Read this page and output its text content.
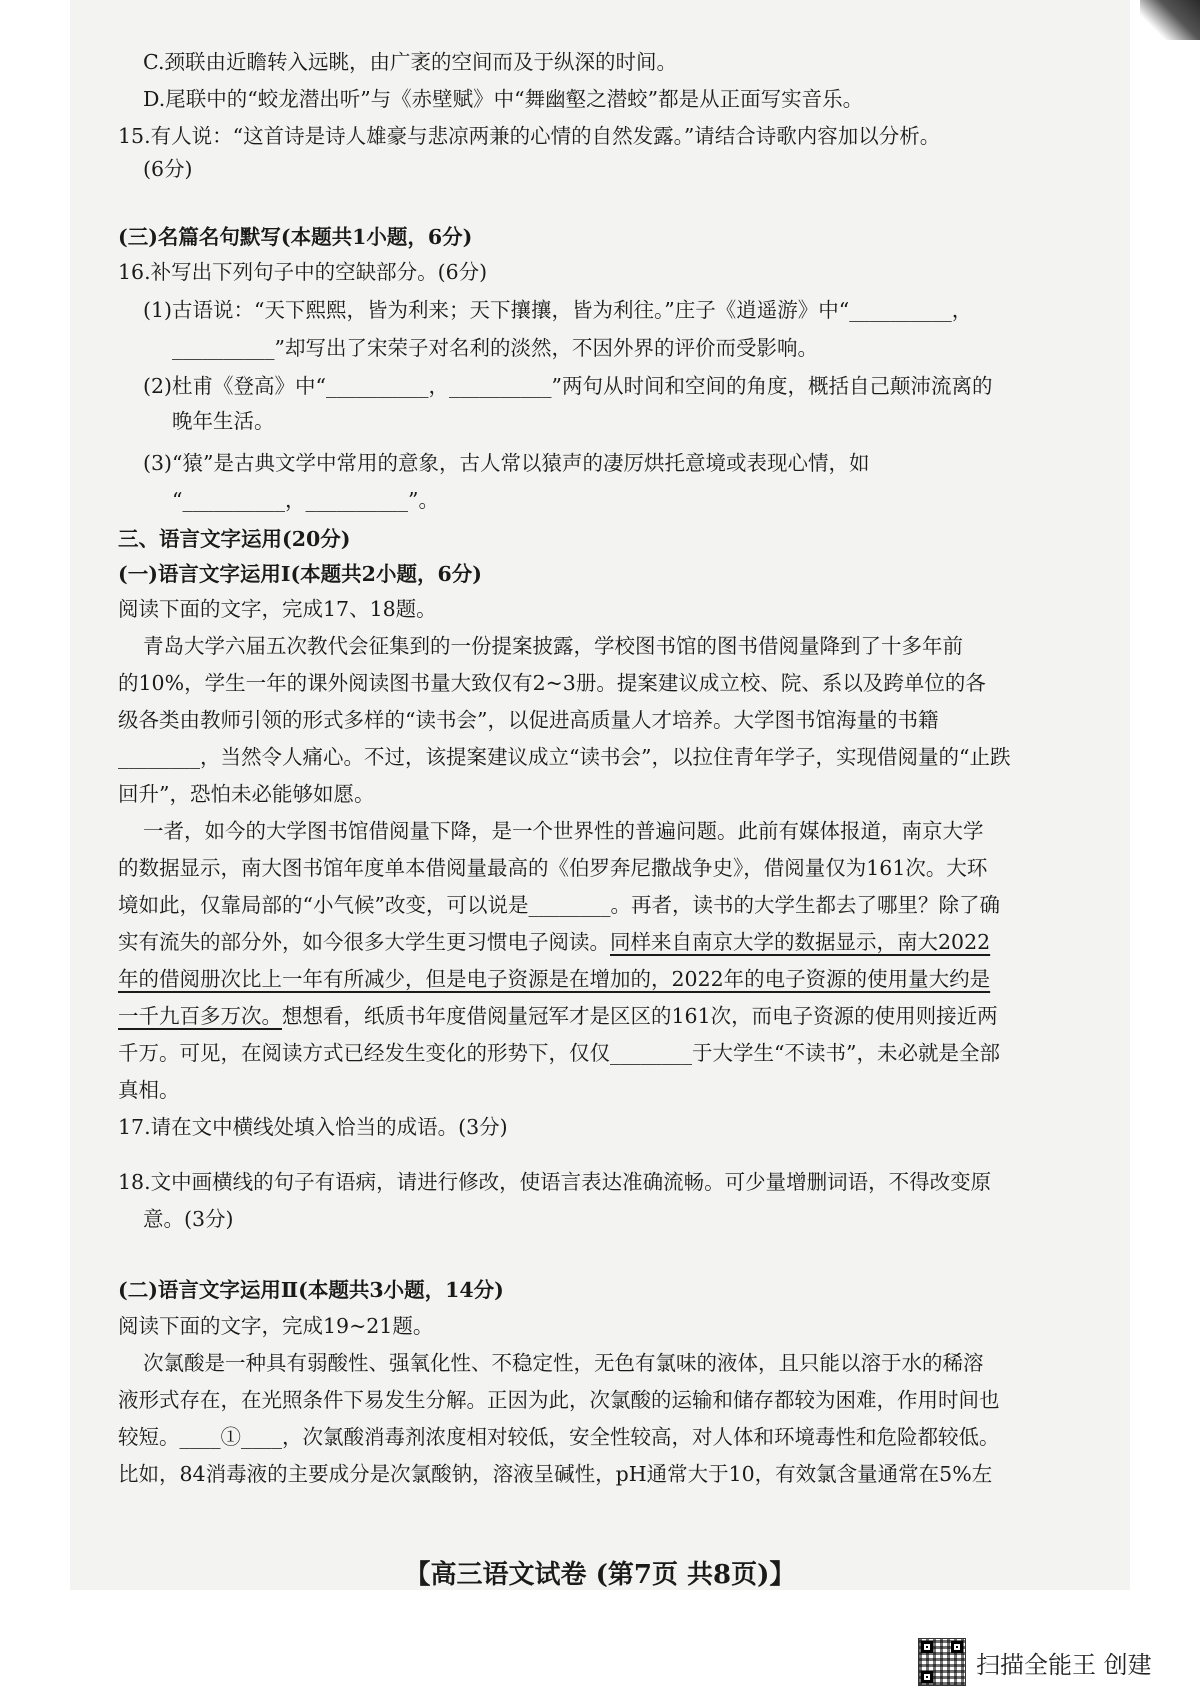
C.颈联由近瞻转入远眺，由广袤的空间而及于纵深的时间。
D.尾联中的“蛟龙潜出听”与《赤壁赋》中“舞幽壑之潜蛟”都是从正面写实音乐。
15.有人说：“这首诗是诗人雄豪与悲凉两兼的心情的自然发露。”请结合诗歌内容加以分析。
(6分)
(三)名篇名句默写(本题共1小题，6分)
16.补写出下列句子中的空缺部分。(6分)
(1)古语说：“天下熙熙，皆为利来；天下攘攘，皆为利往。”庄子《逍遥游》中“__________，
__________”却写出了宋荣子对名利的淡然，不因外界的评价而受影响。
(2)杜甫《登高》中“__________，__________”两句从时间和空间的角度，概括自己颠沛流离的
晚年生活。
(3)“猿”是古典文学中常用的意象，古人常以猿声的凄厉烘托意境或表现心情，如
“__________，__________”。
三、语言文字运用(20分)
(一)语言文字运用Ⅰ(本题共2小题，6分)
阅读下面的文字，完成17、18题。
青岛大学六届五次教代会征集到的一份提案披露，学校图书馆的图书借阅量降到了十多年前
的10%，学生一年的课外阅读图书量大致仅有2~3册。提案建议成立校、院、系以及跨单位的各
级各类由教师引领的形式多样的“读书会”，以促进高质量人才培养。大学图书馆海量的书籍
________，当然令人痛心。不过，该提案建议成立“读书会”，以拉住青年学子，实现借阅量的“止跌
回升”，恐怕未必能够如愿。
一者，如今的大学图书馆借阅量下降，是一个世界性的普遍问题。此前有媒体报道，南京大学
的数据显示，南大图书馆年度单本借阅量最高的《伯罗奔尼撒战争史》，借阅量仅为161次。大环
境如此，仅靠局部的“小气候”改变，可以说是________。再者，读书的大学生都去了哪里？除了确
实有流失的部分外，如今很多大学生更习惯电子阅读。同样来自南京大学的数据显示，南大2022
年的借阅册次比上一年有所减少，但是电子资源是在增加的，2022年的电子资源的使用量大约是
一千九百多万次。想想看，纸质书年度借阅量冠军才是区区的161次，而电子资源的使用则接近两
千万。可见，在阅读方式已经发生变化的形势下，仅仅________于大学生“不读书”，未必就是全部
真相。
17.请在文中横线处填入恰当的成语。(3分)
18.文中画横线的句子有语病，请进行修改，使语言表达准确流畅。可少量增删词语，不得改变原
意。(3分)
(二)语言文字运用Ⅱ(本题共3小题，14分)
阅读下面的文字，完成19~21题。
次氯酸是一种具有弱酸性、强氧化性、不稳定性，无色有氯味的液体，且只能以溶于水的稀溶
液形式存在，在光照条件下易发生分解。正因为此，次氯酸的运输和储存都较为困难，作用时间也
较短。____①____，次氯酸消毒剂浓度相对较低，安全性较高，对人体和环境毒性和危险都较低。
比如，84消毒液的主要成分是次氯酸钠，溶液呈碱性，pH通常大于10，有效氯含量通常在5%左
【高三语文试卷 (第7页 共8页)】
扫描全能王 创建
